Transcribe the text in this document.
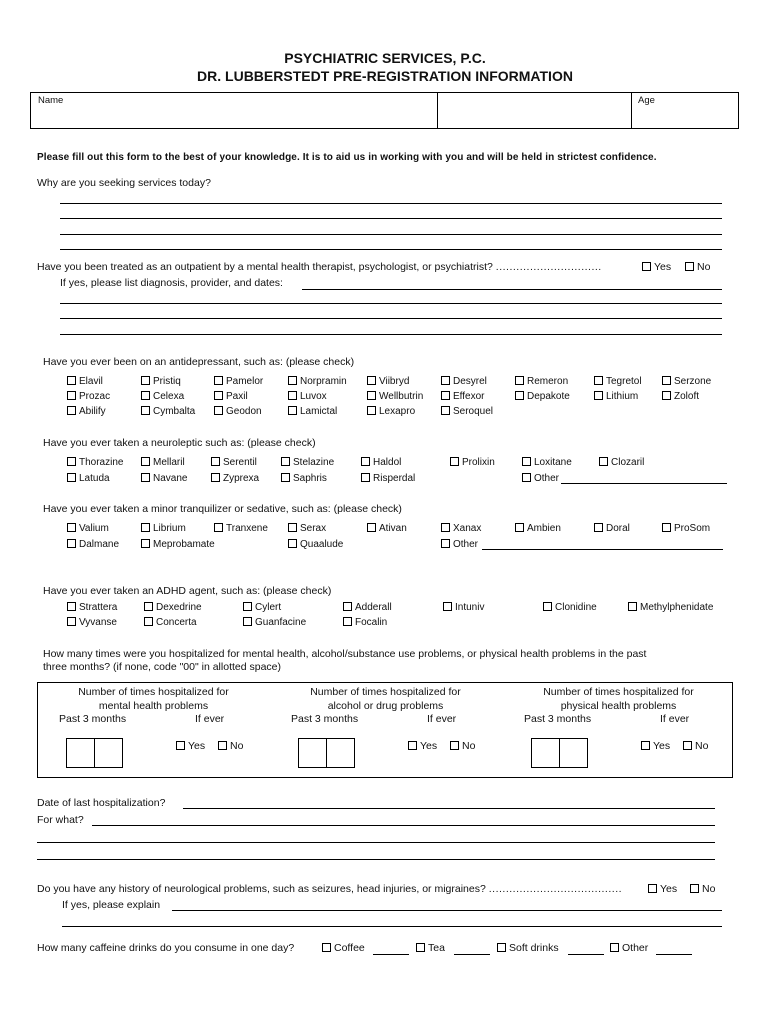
PSYCHIATRIC SERVICES, P.C.
DR. LUBBERSTEDT PRE-REGISTRATION INFORMATION
Name	Age
Please fill out this form to the best of your knowledge. It is to aid us in working with you and will be held in strictest confidence.
Why are you seeking services today?
Have you been treated as an outpatient by a mental health therapist, psychologist, or psychiatrist? ...............................	Yes	No
If yes, please list diagnosis, provider, and dates:
Have you ever been on an antidepressant, such as: (please check)
Elavil	Pristiq	Pamelor	Norpramin	Viibryd	Desyrel	Remeron	Tegretol	Serzone
Prozac	Celexa	Paxil	Luvox	Wellbutrin	Effexor	Depakote	Lithium	Zoloft
Abilify	Cymbalta	Geodon	Lamictal	Lexapro	Seroquel
Have you ever taken a neuroleptic such as: (please check)
Thorazine	Mellaril	Serentil	Stelazine	Haldol	Prolixin	Loxitane	Clozaril
Latuda	Navane	Zyprexa	Saphris	Risperdal	Other
Have you ever taken a minor tranquilizer or sedative, such as: (please check)
Valium	Librium	Tranxene	Serax	Ativan	Xanax	Ambien	Doral	ProSom
Dalmane	Meprobamate	Quaalude	Other
Have you ever taken an ADHD agent, such as: (please check)
Strattera	Dexedrine	Cylert	Adderall	Intuniv	Clonidine	Methylphenidate
Vyvanse	Concerta	Guanfacine	Focalin
How many times were you hospitalized for mental health, alcohol/substance use problems, or physical health problems in the past
three months? (if none, code "00" in allotted space)
Number of times hospitalized for
mental health problems
Past 3 months	If ever
Yes	No
Number of times hospitalized for
alcohol or drug problems
Past 3 months	If ever
Yes	No
Number of times hospitalized for
physical health problems
Past 3 months	If ever
Yes	No
Date of last hospitalization?
For what?
Do you have any history of neurological problems, such as seizures, head injuries, or migraines? .......................................	Yes	No
If yes, please explain
How many caffeine drinks do you consume in one day?	Coffee	Tea	Soft drinks	Other
